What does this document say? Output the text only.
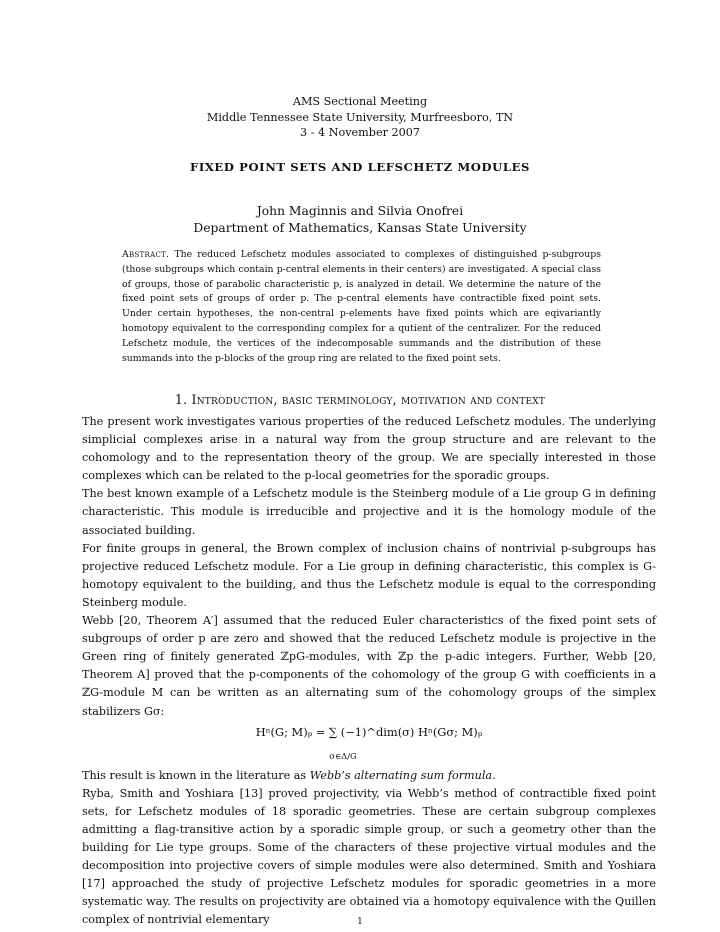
AMS Sectional Meeting
Middle Tennessee State University, Murfreesboro, TN
3 - 4 November 2007
FIXED POINT SETS AND LEFSCHETZ MODULES
John Maginnis and Silvia Onofrei
Department of Mathematics, Kansas State University
Abstract. The reduced Lefschetz modules associated to complexes of distinguished p-subgroups (those subgroups which contain p-central elements in their centers) are investigated. A special class of groups, those of parabolic characteristic p, is analyzed in detail. We determine the nature of the fixed point sets of groups of order p. The p-central elements have contractible fixed point sets. Under certain hypotheses, the non-central p-elements have fixed points which are eqivariantly homotopy equivalent to the corresponding complex for a qutient of the centralizer. For the reduced Lefschetz module, the vertices of the indecomposable summands and the distribution of these summands into the p-blocks of the group ring are related to the fixed point sets.
1. Introduction, basic terminology, motivation and context

The present work investigates various properties of the reduced Lefschetz modules. The underlying simplicial complexes arise in a natural way from the group structure and are relevant to the cohomology and to the representation theory of the group. We are specially interested in those complexes which can be related to the p-local geometries for the sporadic groups.

The best known example of a Lefschetz module is the Steinberg module of a Lie group G in defining characteristic. This module is irreducible and projective and it is the homology module of the associated building.

For finite groups in general, the Brown complex of inclusion chains of nontrivial p-subgroups has projective reduced Lefschetz module. For a Lie group in defining characteristic, this complex is G-homotopy equivalent to the building, and thus the Lefschetz module is equal to the corresponding Steinberg module.

Webb [20, Theorem A′] assumed that the reduced Euler characteristics of the fixed point sets of subgroups of order p are zero and showed that the reduced Lefschetz module is projective in the Green ring of finitely generated ℤpG-modules, with ℤp the p-adic integers. Further, Webb [20, Theorem A] proved that the p-components of the cohomology of the group G with coefficients in a ℤG-module M can be written as an alternating sum of the cohomology groups of the simplex stabilizers Gσ:

Hⁿ(G; M)ₚ = ∑ (−1)^dim(σ) Hⁿ(Gσ; M)ₚ
σ∈Δ/G

This result is known in the literature as Webb’s alternating sum formula.

Ryba, Smith and Yoshiara [13] proved projectivity, via Webb’s method of contractible fixed point sets, for Lefschetz modules of 18 sporadic geometries. These are certain subgroup complexes admitting a flag-transitive action by a sporadic simple group, or such a geometry other than the building for Lie type groups. Some of the characters of these projective virtual modules and the decomposition into projective covers of simple modules were also determined. Smith and Yoshiara [17] approached the study of projective Lefschetz modules for sporadic geometries in a more systematic way. The results on projectivity are obtained via a homotopy equivalence with the Quillen complex of nontrivial elementary	1
